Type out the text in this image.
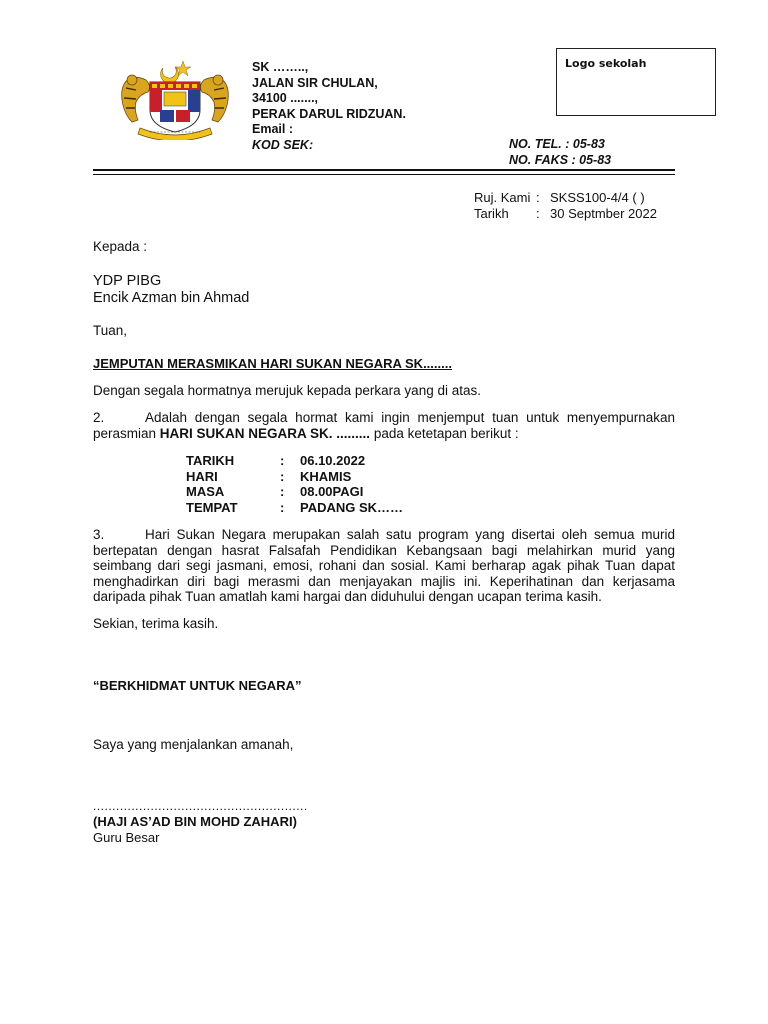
SK ……..,
JALAN SIR CHULAN,
34100 .......,
PERAK DARUL RIDZUAN.
Email :
KOD SEK:
Logo sekolah
NO. TEL. : 05-83
NO. FAKS : 05-83
Ruj. Kami : SKSS100-4/4 ( )
Tarikh	: 30 Septmber 2022
Kepada :
YDP PIBG
Encik Azman bin Ahmad
Tuan,
JEMPUTAN MERASMIKAN HARI SUKAN NEGARA SK........
Dengan segala hormatnya merujuk kepada perkara yang di atas.
2.	Adalah dengan segala hormat kami ingin menjemput tuan untuk menyempurnakan perasmian HARI SUKAN NEGARA SK. ......... pada ketetapan berikut :
TARIKH	:	06.10.2022
HARI	:	KHAMIS
MASA	:	08.00PAGI
TEMPAT	:	PADANG SK……
3.	Hari Sukan Negara merupakan salah satu program yang disertai oleh semua murid bertepatan dengan hasrat Falsafah Pendidikan Kebangsaan bagi melahirkan murid yang seimbang dari segi jasmani, emosi, rohani dan sosial. Kami berharap agak pihak Tuan dapat menghadirkan diri bagi merasmi dan menjayakan majlis ini. Keperihatinan dan kerjasama daripada pihak Tuan amatlah kami hargai dan diduhului dengan ucapan terima kasih.
Sekian, terima kasih.
“BERKHIDMAT UNTUK NEGARA”
Saya yang menjalankan amanah,
........................................................
(HAJI AS’AD BIN MOHD ZAHARI)
Guru Besar
